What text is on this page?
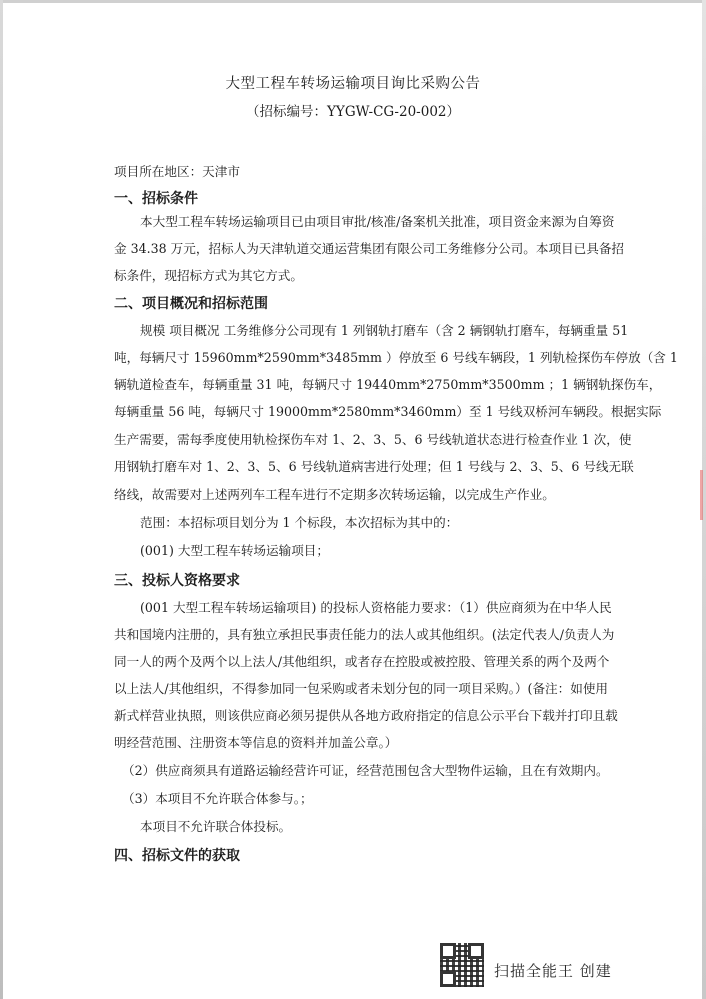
大型工程车转场运输项目询比采购公告
（招标编号：YYGW-CG-20-002）
项目所在地区：天津市
一、招标条件
本大型工程车转场运输项目已由项目审批/核准/备案机关批准，项目资金来源为自筹资
金 34.38 万元，招标人为天津轨道交通运营集团有限公司工务维修分公司。本项目已具备招
标条件，现招标方式为其它方式。
二、项目概况和招标范围
规模 项目概况 工务维修分公司现有 1 列钢轨打磨车（含 2 辆钢轨打磨车，每辆重量 51
吨，每辆尺寸 15960mm*2590mm*3485mm ）停放至 6 号线车辆段，1 列轨检探伤车停放（含 1
辆轨道检查车，每辆重量 31 吨，每辆尺寸 19440mm*2750mm*3500mm ；1 辆钢轨探伤车，
每辆重量 56 吨，每辆尺寸 19000mm*2580mm*3460mm）至 1 号线双桥河车辆段。根据实际
生产需要，需每季度使用轨检探伤车对 1、2、3、5、6 号线轨道状态进行检查作业 1 次，使
用钢轨打磨车对 1、2、3、5、6 号线轨道病害进行处理；但 1 号线与 2、3、5、6 号线无联
络线，故需要对上述两列车工程车进行不定期多次转场运输，以完成生产作业。
范围：本招标项目划分为 1 个标段，本次招标为其中的：
(001) 大型工程车转场运输项目；
三、投标人资格要求
(001 大型工程车转场运输项目) 的投标人资格能力要求：（1）供应商须为在中华人民
共和国境内注册的，具有独立承担民事责任能力的法人或其他组织。(法定代表人/负责人为
同一人的两个及两个以上法人/其他组织，或者存在控股或被控股、管理关系的两个及两个
以上法人/其他组织，不得参加同一包采购或者未划分包的同一项目采购。）(备注：如使用
新式样营业执照，则该供应商必须另提供从各地方政府指定的信息公示平台下载并打印且载
明经营范围、注册资本等信息的资料并加盖公章。）
（2）供应商须具有道路运输经营许可证，经营范围包含大型物件运输，且在有效期内。
（3）本项目不允许联合体参与。；
本项目不允许联合体投标。
四、招标文件的获取
扫描全能王 创建
